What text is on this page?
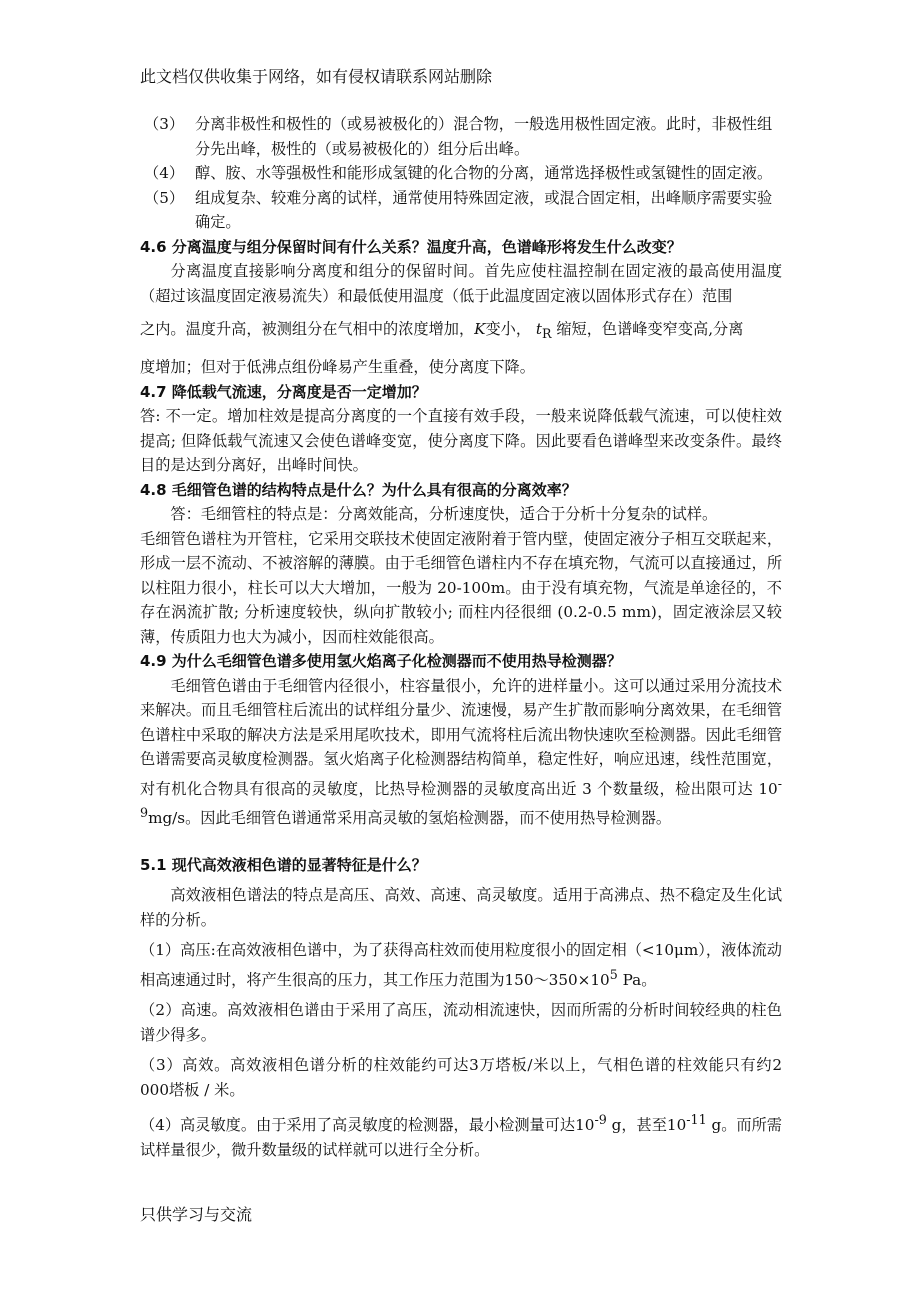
此文档仅供收集于网络，如有侵权请联系网站删除
（3） 分离非极性和极性的（或易被极化的）混合物，一般选用极性固定液。此时，非极性组分先出峰，极性的（或易被极化的）组分后出峰。
（4） 醇、胺、水等强极性和能形成氢键的化合物的分离，通常选择极性或氢键性的固定液。
（5） 组成复杂、较难分离的试样，通常使用特殊固定液，或混合固定相，出峰顺序需要实验确定。
4.6 分离温度与组分保留时间有什么关系？温度升高，色谱峰形将发生什么改变？

分离温度直接影响分离度和组分的保留时间。首先应使柱温控制在固定液的最高使用温度（超过该温度固定液易流失）和最低使用温度（低于此温度固定液以固体形式存在）范围

之内。温度升高，被测组分在气相中的浓度增加，K变小， $t_R$ 缩短，色谱峰变窄变高,分离

度增加；但对于低沸点组份峰易产生重叠，使分离度下降。

4.7 降低载气流速，分离度是否一定增加？

答: 不一定。增加柱效是提高分离度的一个直接有效手段，一般来说降低载气流速，可以使柱效提高; 但降低载气流速又会使色谱峰变宽，使分离度下降。因此要看色谱峰型来改变条件。最终目的是达到分离好，出峰时间快。

4.8 毛细管色谱的结构特点是什么？为什么具有很高的分离效率？

答：毛细管柱的特点是：分离效能高，分析速度快，适合于分析十分复杂的试样。

毛细管色谱柱为开管柱，它采用交联技术使固定液附着于管内壁，使固定液分子相互交联起来，形成一层不流动、不被溶解的薄膜。由于毛细管色谱柱内不存在填充物，气流可以直接通过，所以柱阻力很小，柱长可以大大增加，一般为 20-100m。由于没有填充物，气流是单途径的，不存在涡流扩散; 分析速度较快，纵向扩散较小; 而柱内径很细 (0.2-0.5 mm)，固定液涂层又较薄，传质阻力也大为减小，因而柱效能很高。

4.9 为什么毛细管色谱多使用氢火焰离子化检测器而不使用热导检测器？

毛细管色谱由于毛细管内径很小，柱容量很小，允许的进样量小。这可以通过采用分流技术来解决。而且毛细管柱后流出的试样组分量少、流速慢，易产生扩散而影响分离效果，在毛细管色谱柱中采取的解决方法是采用尾吹技术，即用气流将柱后流出物快速吹至检测器。因此毛细管色谱需要高灵敏度检测器。氢火焰离子化检测器结构简单，稳定性好，响应迅速，线性范围宽，对有机化合物具有很高的灵敏度，比热导检测器的灵敏度高出近 3 个数量级，检出限可达 $10^{-9}mg/s$。因此毛细管色谱通常采用高灵敏的氢焰检测器，而不使用热导检测器。

5.1 现代高效液相色谱的显著特征是什么？

高效液相色谱法的特点是高压、高效、高速、高灵敏度。适用于高沸点、热不稳定及生化试样的分析。

（1）高压:在高效液相色谱中，为了获得高柱效而使用粒度很小的固定相（<10μm），液体流动相高速通过时，将产生很高的压力，其工作压力范围为$150\sim 350\times 10^5$ Pa。

（2）高速。高效液相色谱由于采用了高压，流动相流速快，因而所需的分析时间较经典的柱色谱少得多。

（3）高效。高效液相色谱分析的柱效能约可达3万塔板/米以上，气相色谱的柱效能只有约2 000塔板 / 米。

（4）高灵敏度。由于采用了高灵敏度的检测器，最小检测量可达$10^{-9}$ g，甚至$10^{-11}$ g。而所需试样量很少，微升数量级的试样就可以进行全分析。

只供学习与交流
